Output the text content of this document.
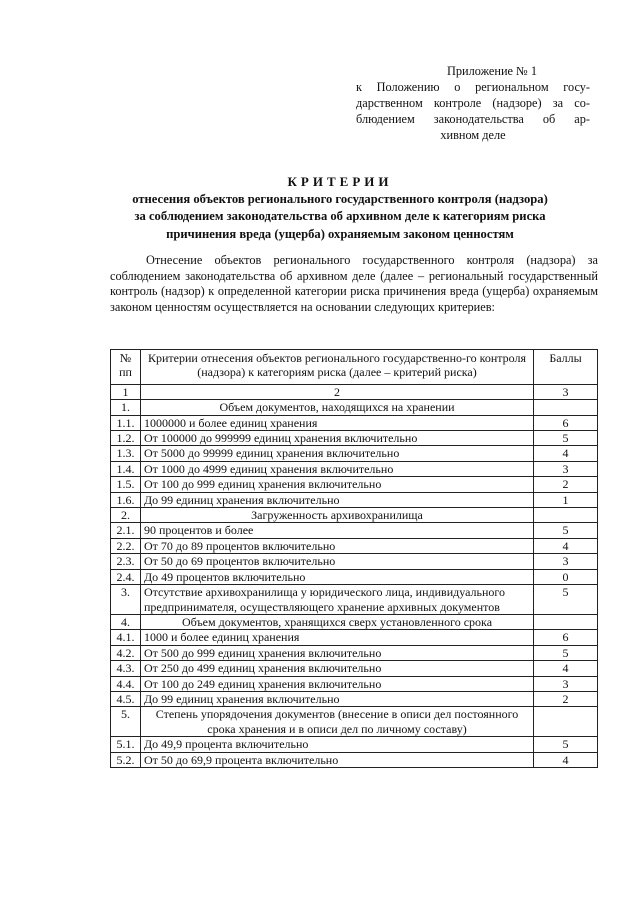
Приложение № 1
к Положению о региональном госу-
дарственном контроле (надзоре) за со-
блюдением законодательства об ар-
хивном деле
КРИТЕРИИ
отнесения объектов регионального государственного контроля (надзора)
за соблюдением законодательства об архивном деле к категориям риска
причинения вреда (ущерба) охраняемым законом ценностям
Отнесение объектов регионального государственного контроля (надзора) за соблюдением законодательства об архивном деле (далее – региональный государственный контроль (надзор) к определенной категории риска причинения вреда (ущерба) охраняемым законом ценностям осуществляется на основании следующих критериев:
№ пп	Критерии отнесения объектов регионального государственно-го контроля (надзора) к категориям риска (далее – критерий риска)	Баллы
1	2	3
1.	Объем документов, находящихся на хранении	
1.1.	1000000 и более единиц хранения	6
1.2.	От 100000 до 999999 единиц хранения включительно	5
1.3.	От 5000 до 99999 единиц хранения включительно	4
1.4.	От 1000 до 4999 единиц хранения включительно	3
1.5.	От 100 до 999 единиц хранения включительно	2
1.6.	До 99 единиц хранения включительно	1
2.	Загруженность архивохранилища	
2.1.	90 процентов и более	5
2.2.	От 70 до 89 процентов включительно	4
2.3.	От 50 до 69 процентов включительно	3
2.4.	До 49 процентов включительно	0
3.	Отсутствие архивохранилища у юридического лица, индивидуального предпринимателя, осуществляющего хранение архивных документов	5
4.	Объем документов, хранящихся сверх установленного срока	
4.1.	1000 и более единиц хранения	6
4.2.	От 500 до 999 единиц хранения включительно	5
4.3.	От 250 до 499 единиц хранения включительно	4
4.4.	От 100 до 249 единиц хранения включительно	3
4.5.	До 99 единиц хранения включительно	2
5.	Степень упорядочения документов (внесение в описи дел постоянного срока хранения и в описи дел по личному составу)	
5.1.	До 49,9 процента включительно	5
5.2.	От 50 до 69,9 процента включительно	4
